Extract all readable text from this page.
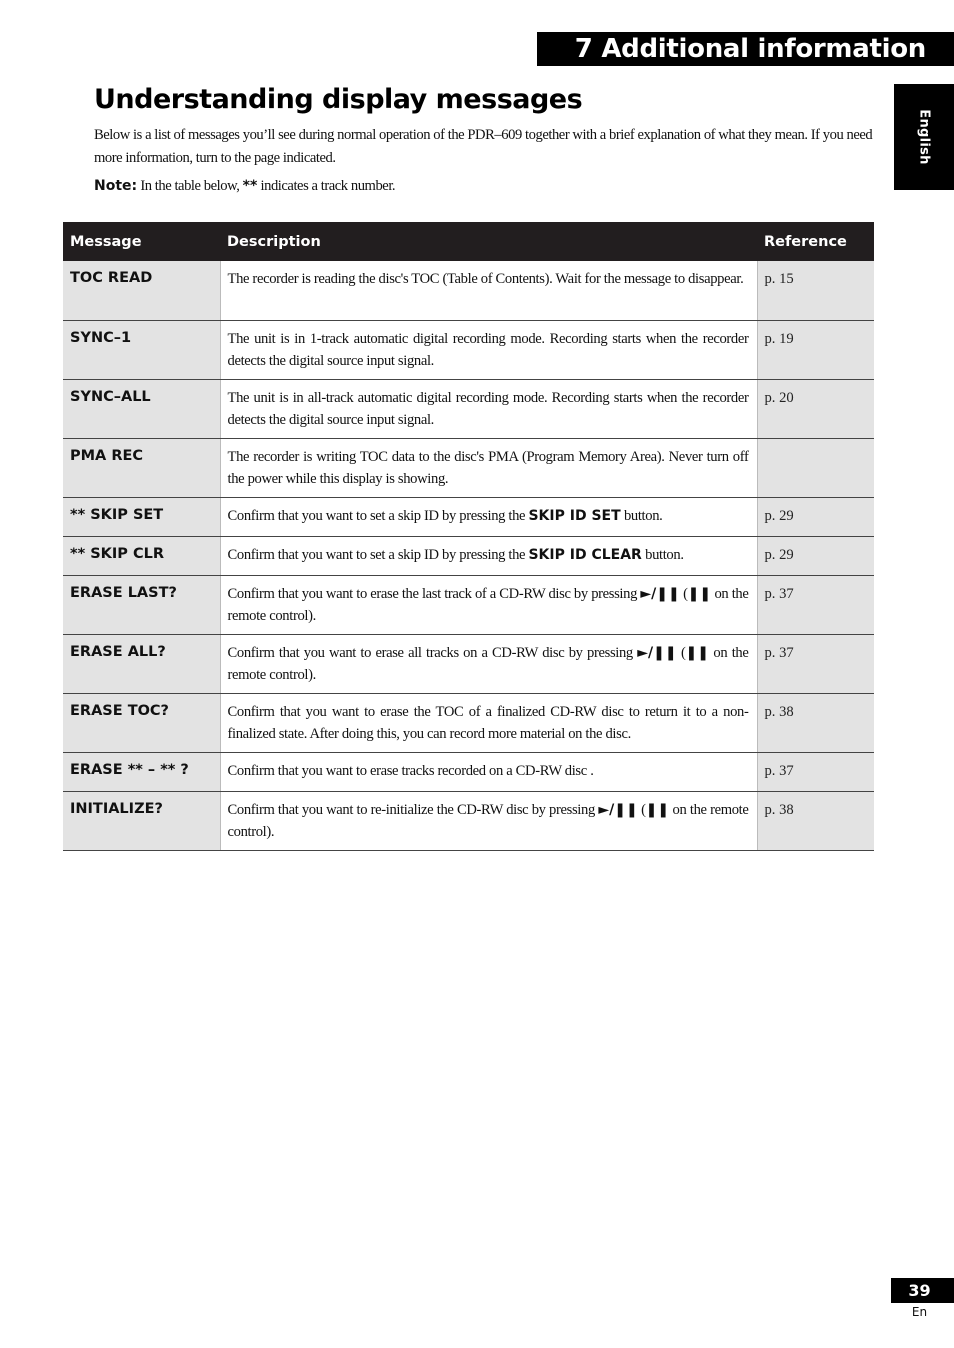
7 Additional information
English
Understanding display messages

Below is a list of messages you’ll see during normal operation of the PDR–609 together with a brief explanation of what they mean. If you need more information, turn to the page indicated.

Note: In the table below, ** indicates a track number.

Message	Description	Reference
TOC READ	The recorder is reading the disc's TOC (Table of Contents). Wait for the message to disappear.	p. 15
SYNC–1	The unit is in 1-track automatic digital recording mode. Recording starts when the recorder detects the digital source input signal.	p. 19
SYNC–ALL	The unit is in all-track automatic digital recording mode. Recording starts when the recorder detects the digital source input signal.	p. 20
PMA REC	The recorder is writing TOC data to the disc's PMA (Program Memory Area). Never turn off the power while this display is showing.	
** SKIP SET	Confirm that you want to set a skip ID by pressing the SKIP ID SET button.	p. 29
** SKIP CLR	Confirm that you want to set a skip ID by pressing the SKIP ID CLEAR button.	p. 29
ERASE LAST?	Confirm that you want to erase the last track of a CD-RW disc by pressing ►/❚❚ (❚❚ on the remote control).	p. 37
ERASE ALL?	Confirm that you want to erase all tracks on a CD-RW disc by pressing ►/❚❚ (❚❚ on the remote control).	p. 37
ERASE TOC?	Confirm that you want to erase the TOC of a finalized CD-RW disc to return it to a non-finalized state. After doing this, you can record more material on the disc.	p. 38
ERASE ** – ** ?	Confirm that you want to erase tracks recorded on a CD-RW disc .	p. 37
INITIALIZE?	Confirm that you want to re-initialize the CD-RW disc by pressing ►/❚❚ (❚❚ on the remote control).	p. 38
39
En
